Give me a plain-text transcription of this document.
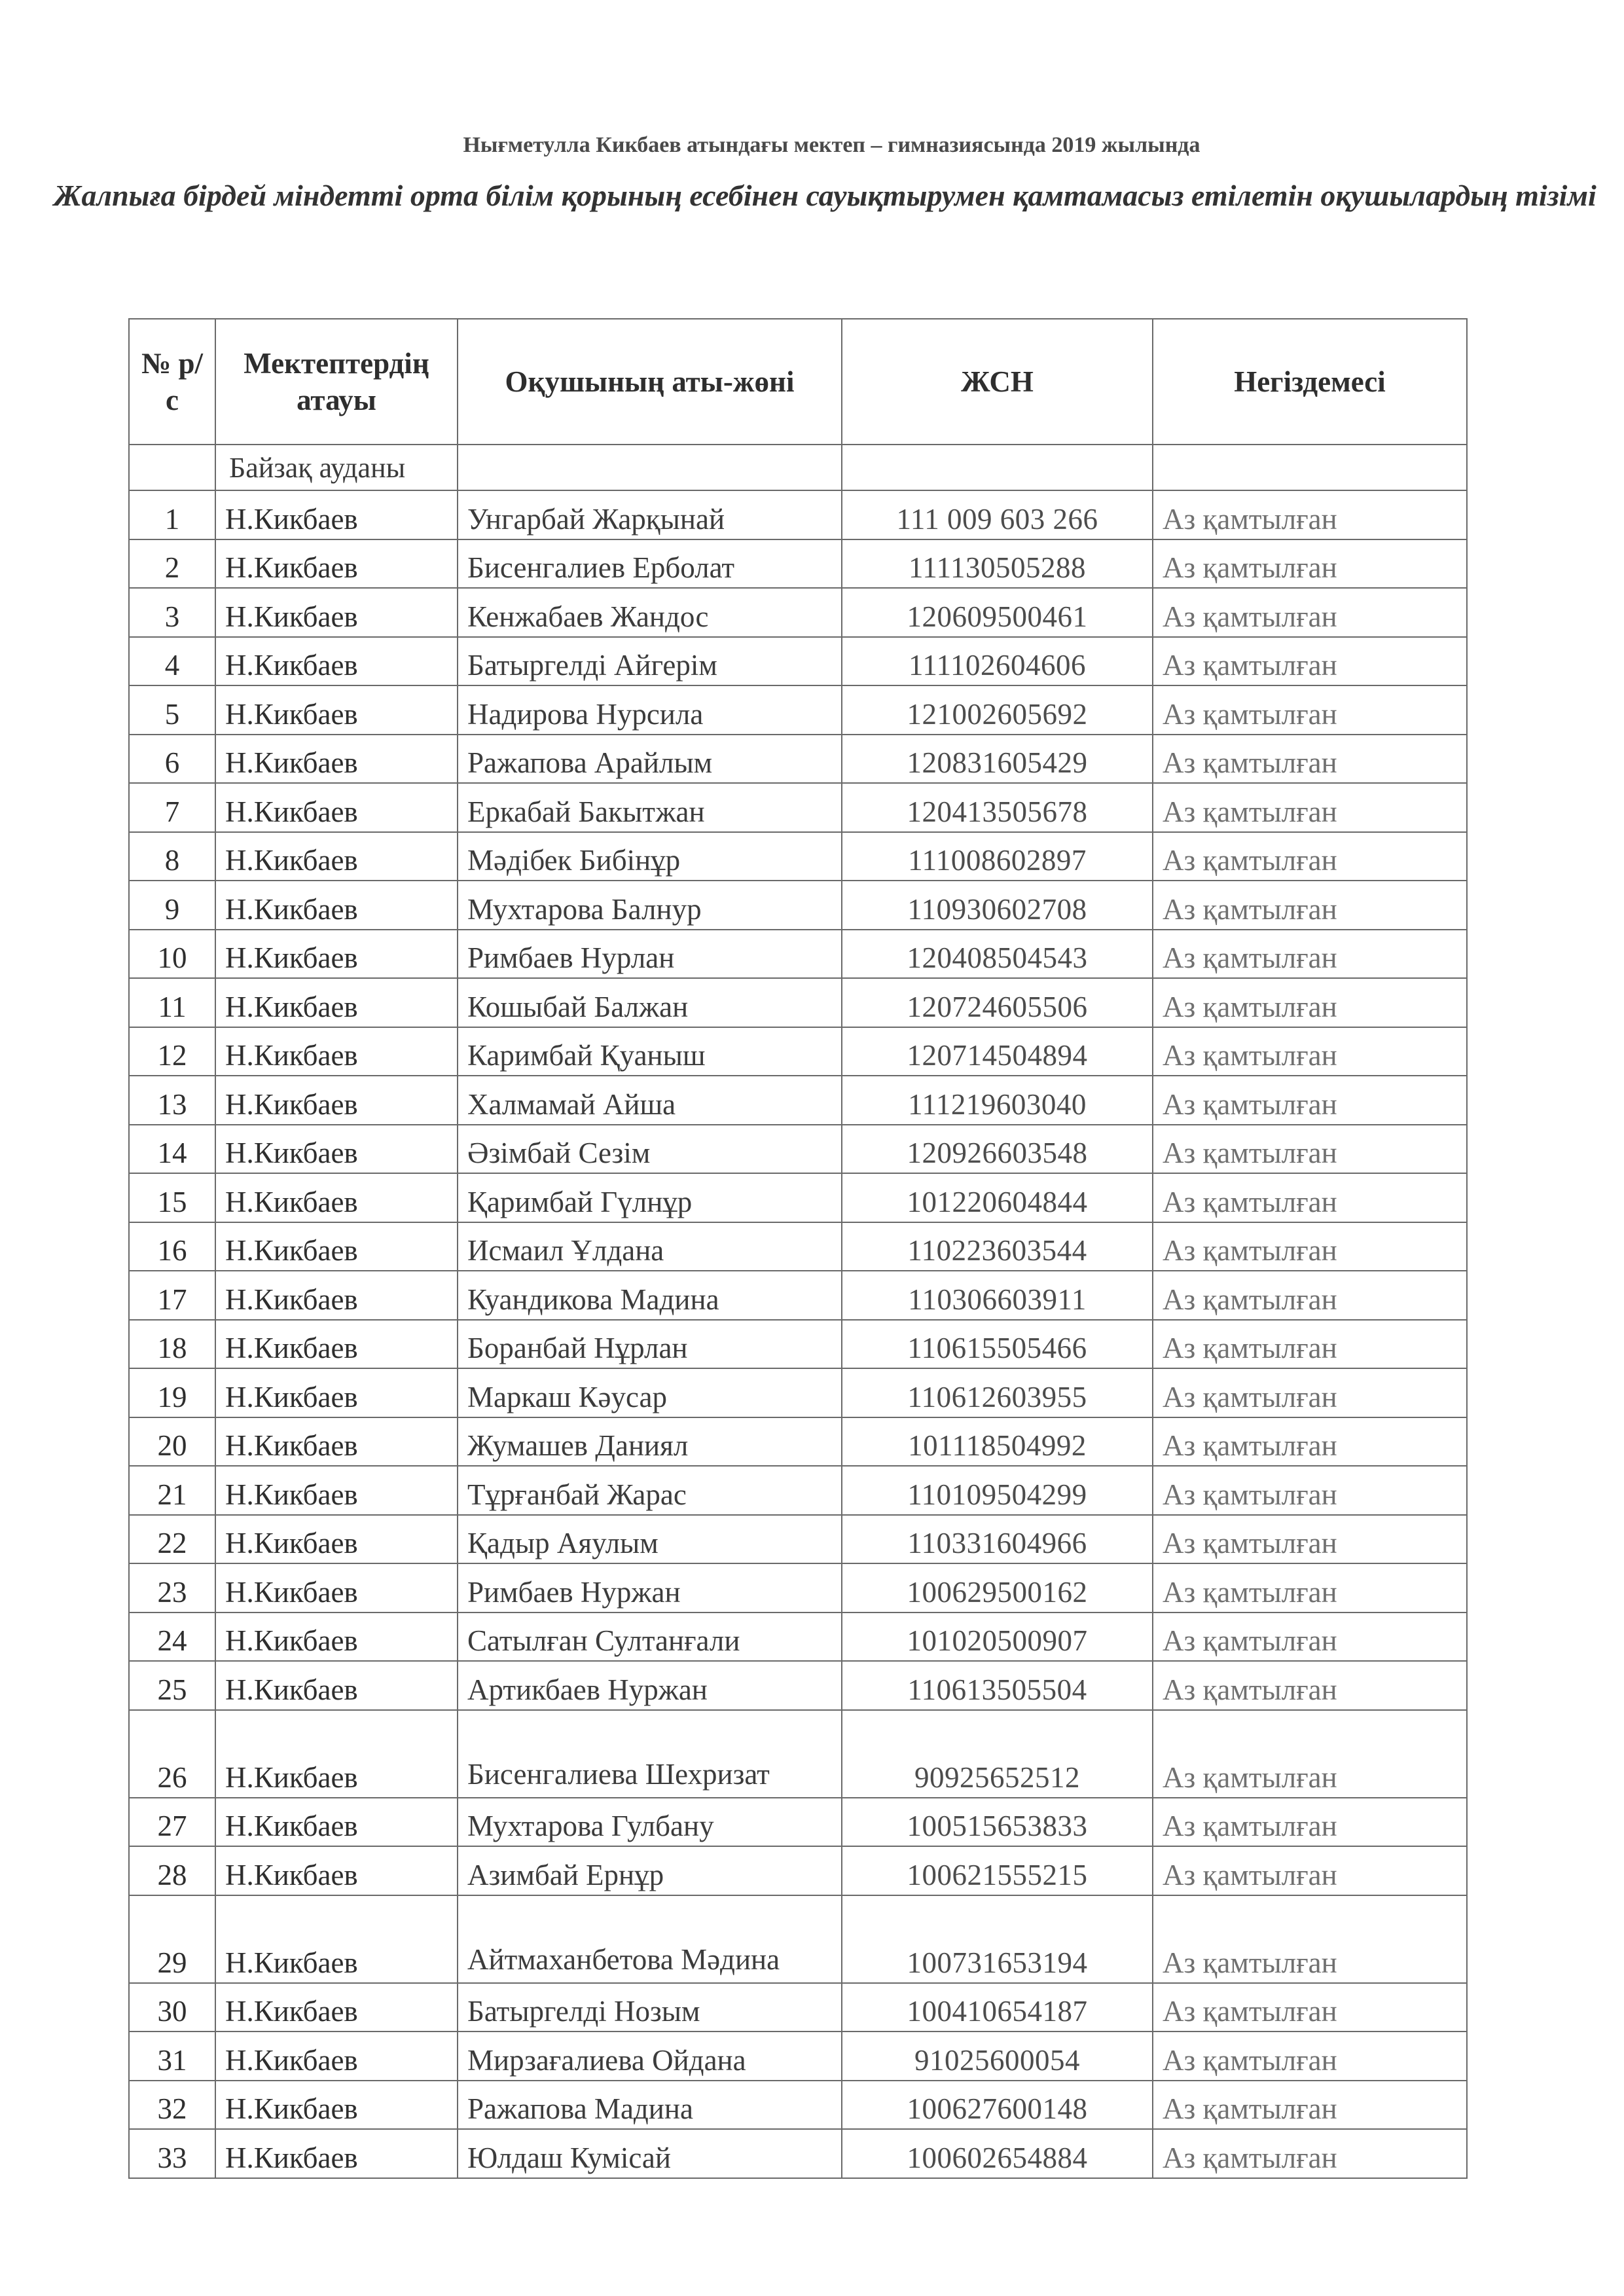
Нығметулла Кикбаев атындағы мектеп – гимназиясында 2019 жылында
Жалпыға бірдей міндетті орта білім қорының есебінен сауықтырумен қамтамасыз етілетін оқушылардың тізімі
№ р/с	Мектептердің атауы	Оқушының аты-жөні	ЖСН	Негіздемесі
	Байзақ ауданы			
1	Н.Кикбаев	Унгарбай Жарқынай	111 009 603 266	Аз қамтылған
2	Н.Кикбаев	Бисенгалиев Ерболат	111130505288	Аз қамтылған
3	Н.Кикбаев	Кенжабаев Жандос	120609500461	Аз қамтылған
4	Н.Кикбаев	Батыргелді Айгерім	111102604606	Аз қамтылған
5	Н.Кикбаев	Надирова Нурсила	121002605692	Аз қамтылған
6	Н.Кикбаев	Ражапова Арайлым	120831605429	Аз қамтылған
7	Н.Кикбаев	Еркабай Бакытжан	120413505678	Аз қамтылған
8	Н.Кикбаев	Мәдібек Бибінұр	111008602897	Аз қамтылған
9	Н.Кикбаев	Мухтарова Балнур	110930602708	Аз қамтылған
10	Н.Кикбаев	Римбаев Нурлан	120408504543	Аз қамтылған
11	Н.Кикбаев	Кошыбай Балжан	120724605506	Аз қамтылған
12	Н.Кикбаев	Каримбай Қуаныш	120714504894	Аз қамтылған
13	Н.Кикбаев	Халмамай Айша	111219603040	Аз қамтылған
14	Н.Кикбаев	Әзімбай Сезім	120926603548	Аз қамтылған
15	Н.Кикбаев	Қаримбай Гүлнұр	101220604844	Аз қамтылған
16	Н.Кикбаев	Исмаил Ұлдана	110223603544	Аз қамтылған
17	Н.Кикбаев	Куандикова Мадина	110306603911	Аз қамтылған
18	Н.Кикбаев	Боранбай Нұрлан	110615505466	Аз қамтылған
19	Н.Кикбаев	Маркаш Кәусар	110612603955	Аз қамтылған
20	Н.Кикбаев	Жумашев Даниял	101118504992	Аз қамтылған
21	Н.Кикбаев	Тұрғанбай Жарас	110109504299	Аз қамтылған
22	Н.Кикбаев	Қадыр Аяулым	110331604966	Аз қамтылған
23	Н.Кикбаев	Римбаев Нуржан	100629500162	Аз қамтылған
24	Н.Кикбаев	Сатылған Султанғали	101020500907	Аз қамтылған
25	Н.Кикбаев	Артикбаев Нуржан	110613505504	Аз қамтылған
26	Н.Кикбаев	Бисенгалиева Шехризат	90925652512	Аз қамтылған
27	Н.Кикбаев	Мухтарова Гулбану	100515653833	Аз қамтылған
28	Н.Кикбаев	Азимбай Ернұр	100621555215	Аз қамтылған
29	Н.Кикбаев	Айтмаханбетова Мәдина	100731653194	Аз қамтылған
30	Н.Кикбаев	Батыргелді Нозым	100410654187	Аз қамтылған
31	Н.Кикбаев	Мирзағалиева Ойдана	91025600054	Аз қамтылған
32	Н.Кикбаев	Ражапова Мадина	100627600148	Аз қамтылған
33	Н.Кикбаев	Юлдаш Кумісай	100602654884	Аз қамтылған
